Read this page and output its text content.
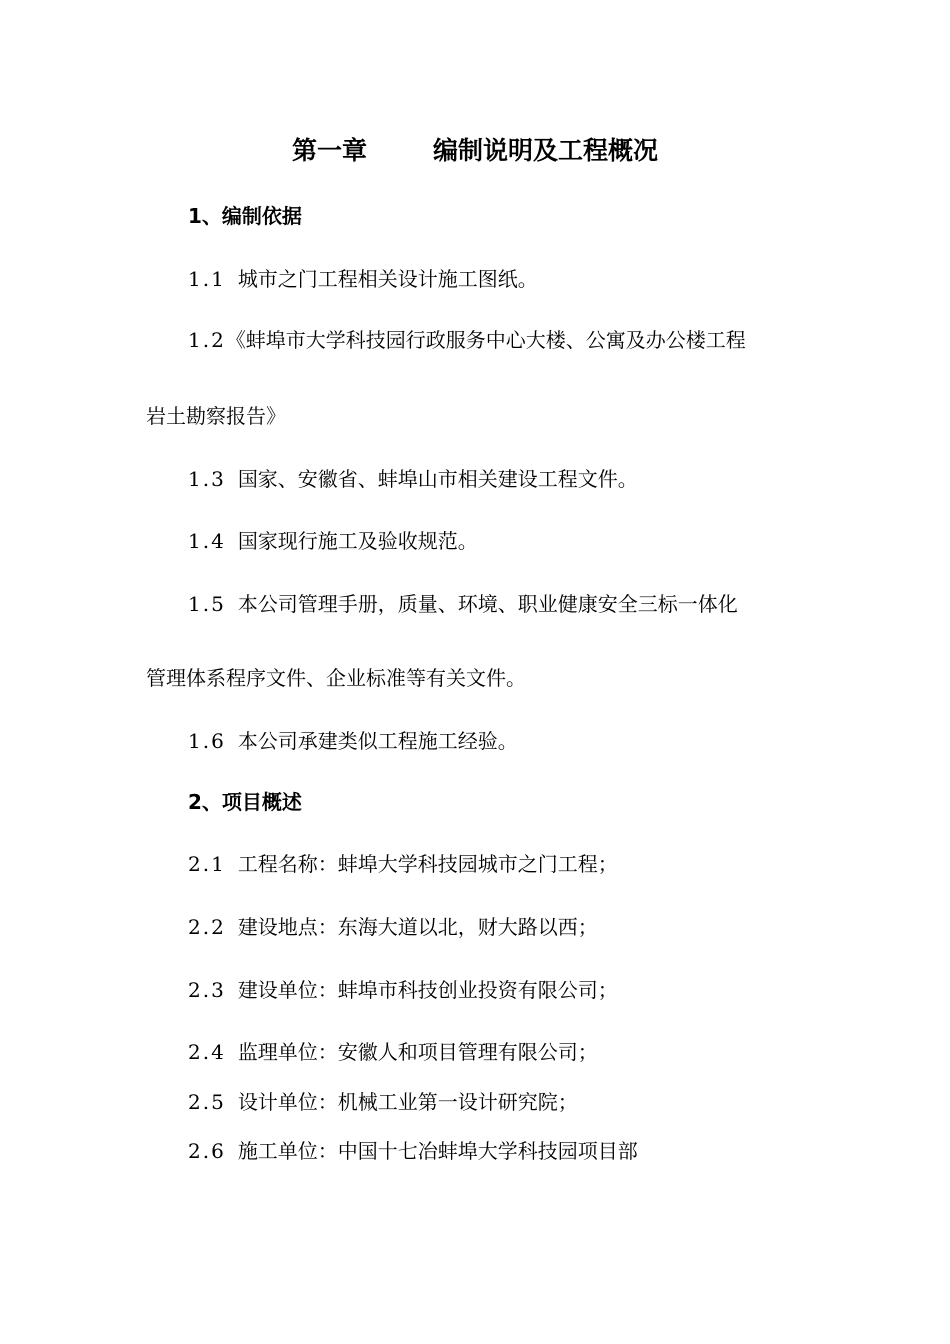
第一章	编制说明及工程概况
1、编制依据
1.1 城市之门工程相关设计施工图纸。
1.2《蚌埠市大学科技园行政服务中心大楼、公寓及办公楼工程
岩土勘察报告》
1.3 国家、安徽省、蚌埠山市相关建设工程文件。
1.4 国家现行施工及验收规范。
1.5 本公司管理手册，质量、环境、职业健康安全三标一体化
管理体系程序文件、企业标准等有关文件。
1.6 本公司承建类似工程施工经验。
2、项目概述
2.1 工程名称：蚌埠大学科技园城市之门工程；
2.2 建设地点：东海大道以北，财大路以西；
2.3 建设单位：蚌埠市科技创业投资有限公司；
2.4 监理单位：安徽人和项目管理有限公司；
2.5 设计单位：机械工业第一设计研究院；
2.6 施工单位：中国十七冶蚌埠大学科技园项目部
